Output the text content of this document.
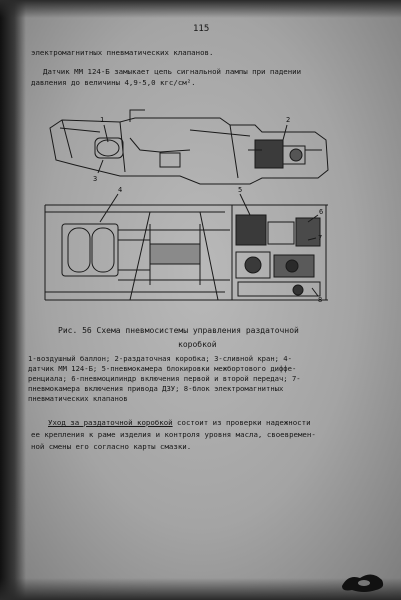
115
электромагнитных пневматических клапанов.
Датчик ММ 124-Б замыкает цепь сигнальной лампы при падении
давления до величины 4,9-5,0 кгс/см².
1	2
3
4	5
6
7
8
Рис. 56 Схема пневмосистемы управления раздаточной
коробкой
1-воздушный баллон; 2-раздаточная коробка; 3-сливной кран; 4-
датчик ММ 124-Б; 5-пневмокамера блокировки межбортового диффе-
ренциала; 6-пневмоцилиндр включения первой и второй передач; 7-
пневмокамера включения привода ДЗУ; 8-блок электромагнитных
пневматических клапанов
Уход за раздаточной коробкой состоит из проверки надежности
ее крепления к раме изделия и контроля уровня масла, своевремен-
ной смены его согласно карты смазки.
